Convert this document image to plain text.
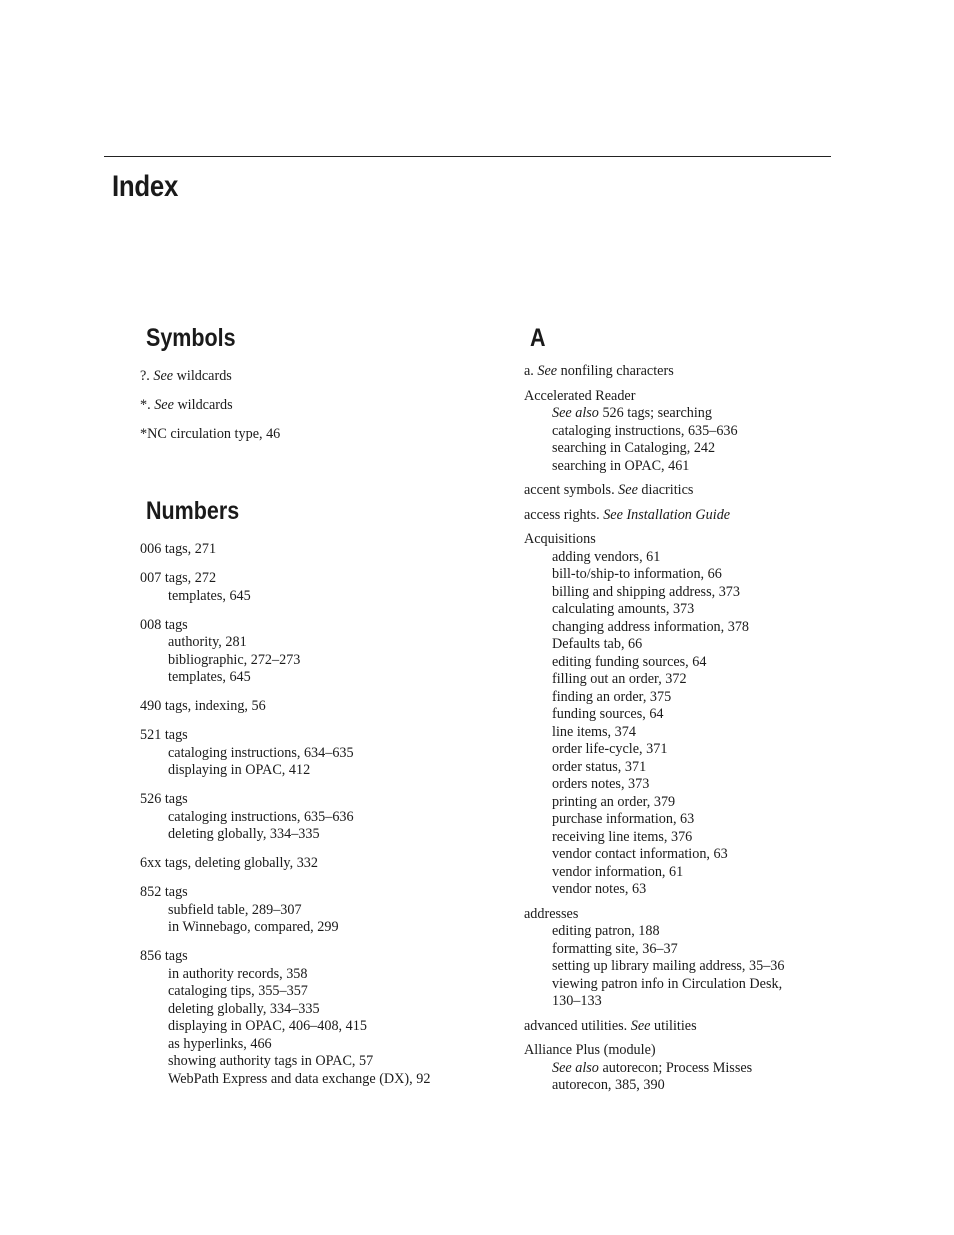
Index
Symbols
?. See wildcards
*. See wildcards
*NC circulation type, 46
Numbers
006 tags, 271
007 tags, 272
templates, 645
008 tags
authority, 281
bibliographic, 272–273
templates, 645
490 tags, indexing, 56
521 tags
cataloging instructions, 634–635
displaying in OPAC, 412
526 tags
cataloging instructions, 635–636
deleting globally, 334–335
6xx tags, deleting globally, 332
852 tags
subfield table, 289–307
in Winnebago, compared, 299
856 tags
in authority records, 358
cataloging tips, 355–357
deleting globally, 334–335
displaying in OPAC, 406–408, 415
as hyperlinks, 466
showing authority tags in OPAC, 57
WebPath Express and data exchange (DX), 92
A
a. See nonfiling characters
Accelerated Reader
See also 526 tags; searching
cataloging instructions, 635–636
searching in Cataloging, 242
searching in OPAC, 461
accent symbols. See diacritics
access rights. See Installation Guide
Acquisitions
adding vendors, 61
bill-to/ship-to information, 66
billing and shipping address, 373
calculating amounts, 373
changing address information, 378
Defaults tab, 66
editing funding sources, 64
filling out an order, 372
finding an order, 375
funding sources, 64
line items, 374
order life-cycle, 371
order status, 371
orders notes, 373
printing an order, 379
purchase information, 63
receiving line items, 376
vendor contact information, 63
vendor information, 61
vendor notes, 63
addresses
editing patron, 188
formatting site, 36–37
setting up library mailing address, 35–36
viewing patron info in Circulation Desk,
130–133
advanced utilities. See utilities
Alliance Plus (module)
See also autorecon; Process Misses
autorecon, 385, 390
